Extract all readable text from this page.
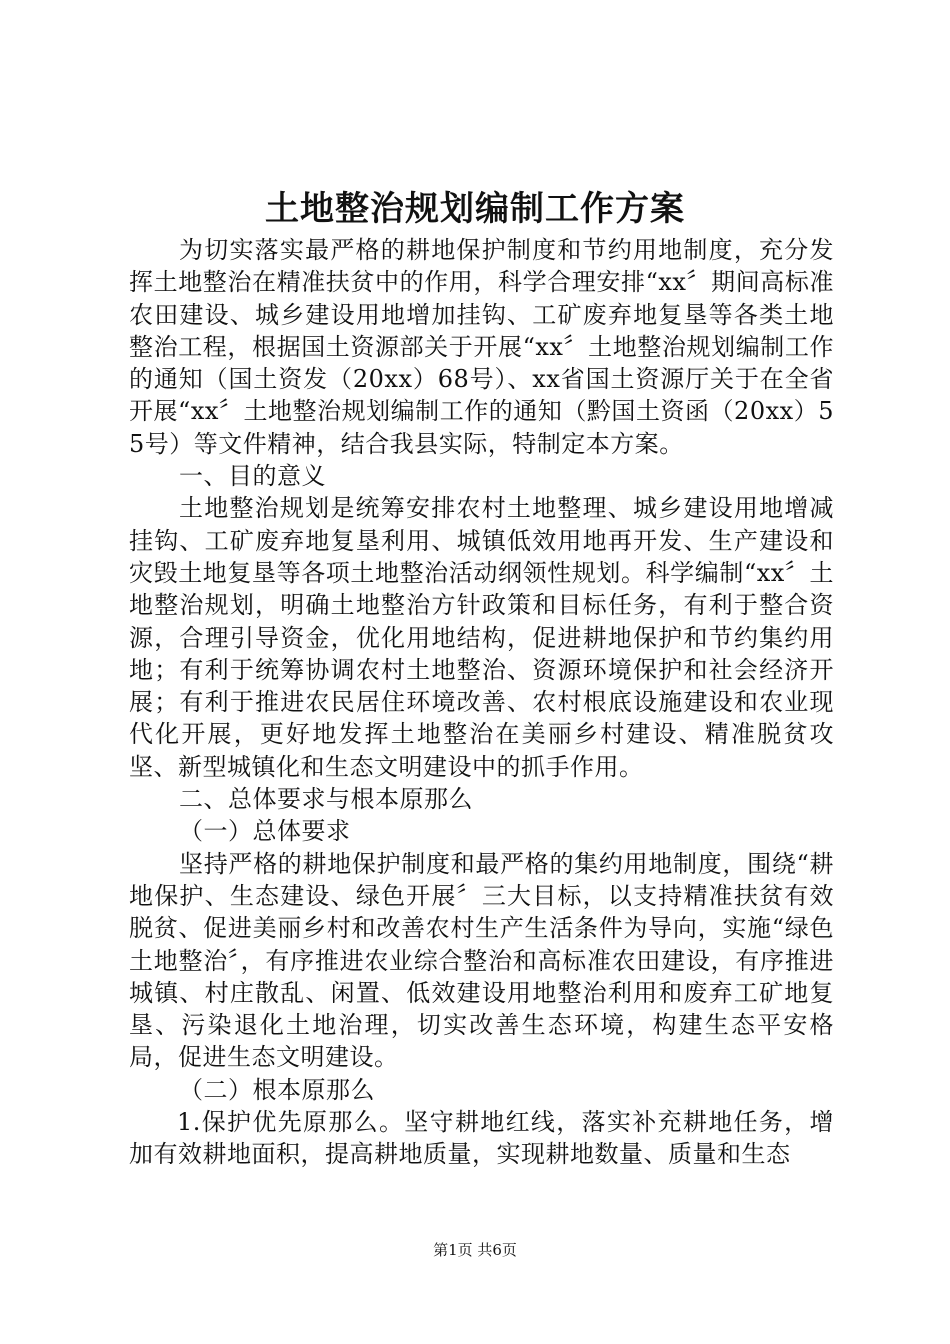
土地整治规划编制工作方案

为切实落实最严格的耕地保护制度和节约用地制度，充分发挥土地整治在精准扶贫中的作用，科学合理安排“xx〞期间高标准农田建设、城乡建设用地增加挂钩、工矿废弃地复垦等各类土地整治工程，根据国土资源部关于开展“xx〞土地整治规划编制工作的通知（国土资发（20xx）68号）、xx省国土资源厅关于在全省开展“xx〞土地整治规划编制工作的通知（黔国土资函（20xx）55号）等文件精神，结合我县实际，特制定本方案。

一、目的意义

土地整治规划是统筹安排农村土地整理、城乡建设用地增减挂钩、工矿废弃地复垦利用、城镇低效用地再开发、生产建设和灾毁土地复垦等各项土地整治活动纲领性规划。科学编制“xx〞土地整治规划，明确土地整治方针政策和目标任务，有利于整合资源，合理引导资金，优化用地结构，促进耕地保护和节约集约用地；有利于统筹协调农村土地整治、资源环境保护和社会经济开展；有利于推进农民居住环境改善、农村根底设施建设和农业现代化开展，更好地发挥土地整治在美丽乡村建设、精准脱贫攻坚、新型城镇化和生态文明建设中的抓手作用。

二、总体要求与根本原那么

（一）总体要求

坚持严格的耕地保护制度和最严格的集约用地制度，围绕“耕地保护、生态建设、绿色开展〞三大目标，以支持精准扶贫有效脱贫、促进美丽乡村和改善农村生产生活条件为导向，实施“绿色土地整治〞，有序推进农业综合整治和高标准农田建设，有序推进城镇、村庄散乱、闲置、低效建设用地整治利用和废弃工矿地复垦、污染退化土地治理，切实改善生态环境，构建生态平安格局，促进生态文明建设。

（二）根本原那么

1.保护优先原那么。坚守耕地红线，落实补充耕地任务，增加有效耕地面积，提高耕地质量，实现耕地数量、质量和生态

第1页 共6页
